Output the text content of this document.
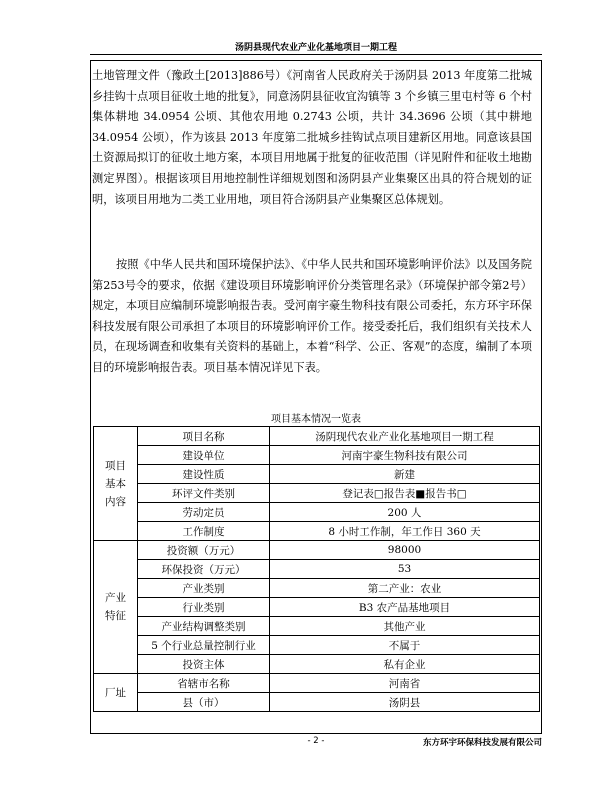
汤阴县现代农业产业化基地项目一期工程
土地管理文件（豫政土[2013]886号）《河南省人民政府关于汤阴县 2013 年度第二批城乡挂钩十点项目征收土地的批复》，同意汤阴县征收宜沟镇等 3 个乡镇三里屯村等 6 个村集体耕地 34.0954 公顷、其他农用地 0.2743 公顷，共计 34.3696 公顷（其中耕地 34.0954 公顷），作为该县 2013 年度第二批城乡挂钩试点项目建新区用地。同意该县国土资源局拟订的征收土地方案，本项目用地属于批复的征收范围（详见附件和征收土地勘测定界图）。根据该项目用地控制性详细规划图和汤阴县产业集聚区出具的符合规划的证明，该项目用地为二类工业用地，项目符合汤阴县产业集聚区总体规划。
按照《中华人民共和国环境保护法》、《中华人民共和国环境影响评价法》以及国务院第253号令的要求，依据《建设项目环境影响评价分类管理名录》（环境保护部令第2号）规定，本项目应编制环境影响报告表。受河南宇豪生物科技有限公司委托，东方环宇环保科技发展有限公司承担了本项目的环境影响评价工作。接受委托后，我们组织有关技术人员，在现场调查和收集有关资料的基础上，本着“科学、公正、客观”的态度，编制了本项目的环境影响报告表。项目基本情况详见下表。
项目基本情况一览表
项目
基本
内容	项目名称	汤阴现代农业产业化基地项目一期工程
	建设单位	河南宇豪生物科技有限公司
	建设性质	新建
	环评文件类别	登记表□报告表■报告书□
	劳动定员	200 人
	工作制度	8 小时工作制，年工作日 360 天

产业
特征	投资额（万元）	98000
	环保投资（万元）	53
	产业类别	第二产业：农业
	行业类别	B3 农产品基地项目
	产业结构调整类别	其他产业
	5 个行业总量控制行业	不属于
	投资主体	私有企业
厂址	省辖市名称	河南省
	县（市）	汤阴县
- 2 -	东方环宇环保科技发展有限公司
